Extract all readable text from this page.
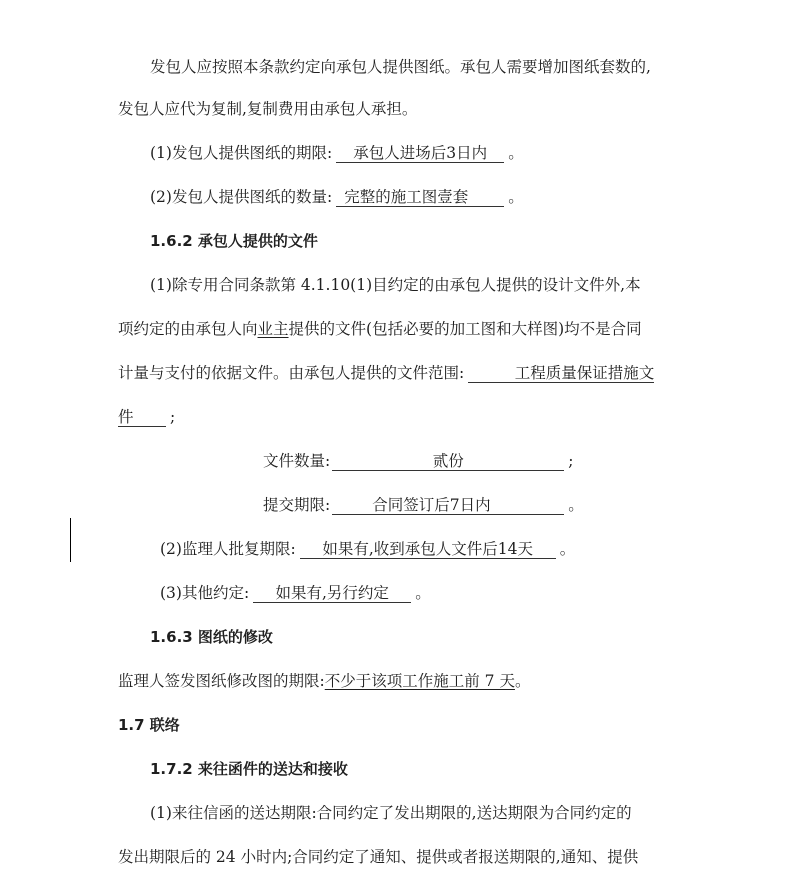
发包人应按照本条款约定向承包人提供图纸。承包人需要增加图纸套数的,
发包人应代为复制,复制费用由承包人承担。
(1)发包人提供图纸的期限: 承包人进场后3日内 。
(2)发包人提供图纸的数量: 完整的施工图壹套	。
1.6.2 承包人提供的文件
(1)除专用合同条款第 4.1.10(1)目约定的由承包人提供的设计文件外,本
项约定的由承包人向业主提供的文件(包括必要的加工图和大样图)均不是合同
计量与支付的依据文件。由承包人提供的文件范围:	工程质量保证措施文
件 ;
文件数量:	贰份	;
提交期限:	合同签订后7日内	。
(2)监理人批复期限: 如果有,收到承包人文件后14天 。
(3)其他约定: 如果有,另行约定 。
1.6.3 图纸的修改
监理人签发图纸修改图的期限:不少于该项工作施工前 7 天。
1.7 联络
1.7.2 来往函件的送达和接收
(1)来往信函的送达期限:合同约定了发出期限的,送达期限为合同约定的
发出期限后的 24 小时内;合同约定了通知、提供或者报送期限的,通知、提供
